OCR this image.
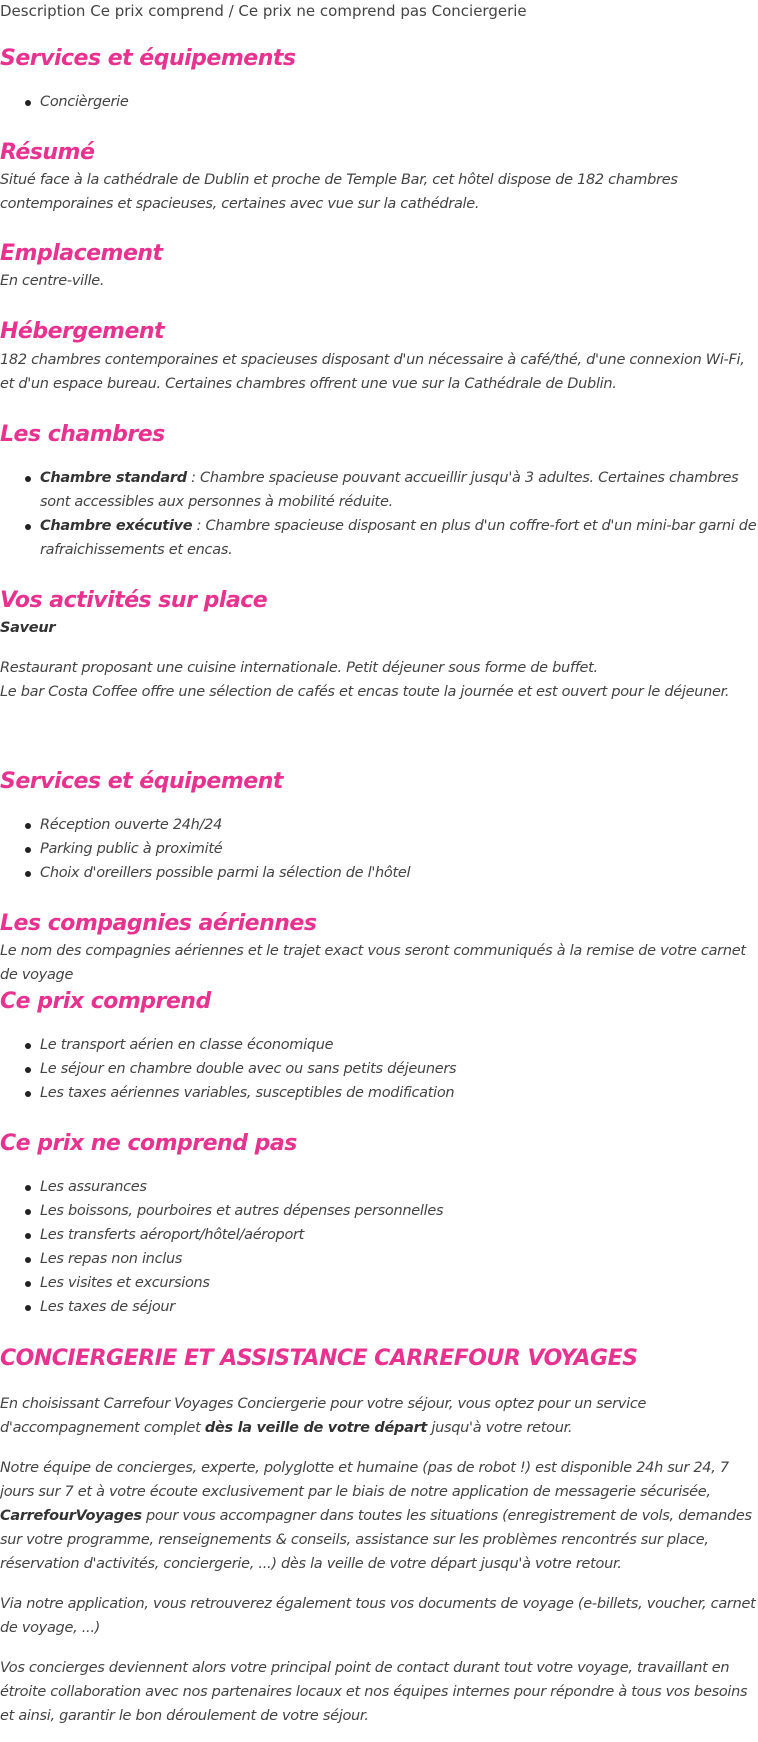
Description Ce prix comprend / Ce prix ne comprend pas Conciergerie
Services et équipements
Concièrgerie
Résumé
Situé face à la cathédrale de Dublin et proche de Temple Bar, cet hôtel dispose de 182 chambres contemporaines et spacieuses, certaines avec vue sur la cathédrale.
Emplacement
En centre-ville.
Hébergement
182 chambres contemporaines et spacieuses disposant d'un nécessaire à café/thé, d'une connexion Wi-Fi, et d'un espace bureau. Certaines chambres offrent une vue sur la Cathédrale de Dublin.
Les chambres
Chambre standard : Chambre spacieuse pouvant accueillir jusqu'à 3 adultes. Certaines chambres sont accessibles aux personnes à mobilité réduite.
Chambre exécutive : Chambre spacieuse disposant en plus d'un coffre-fort et d'un mini-bar garni de rafraichissements et encas.
Vos activités sur place
Saveur
Restaurant proposant une cuisine internationale. Petit déjeuner sous forme de buffet.
Le bar Costa Coffee offre une sélection de cafés et encas toute la journée et est ouvert pour le déjeuner.
Services et équipement
Réception ouverte 24h/24
Parking public à proximité
Choix d'oreillers possible parmi la sélection de l'hôtel
Les compagnies aériennes
Le nom des compagnies aériennes et le trajet exact vous seront communiqués à la remise de votre carnet de voyage
Ce prix comprend
Le transport aérien en classe économique
Le séjour en chambre double avec ou sans petits déjeuners
Les taxes aériennes variables, susceptibles de modification
Ce prix ne comprend pas
Les assurances
Les boissons, pourboires et autres dépenses personnelles
Les transferts aéroport/hôtel/aéroport
Les repas non inclus
Les visites et excursions
Les taxes de séjour
CONCIERGERIE ET ASSISTANCE CARREFOUR VOYAGES
En choisissant Carrefour Voyages Conciergerie pour votre séjour, vous optez pour un service d'accompagnement complet dès la veille de votre départ jusqu'à votre retour.
Notre équipe de concierges, experte, polyglotte et humaine (pas de robot !) est disponible 24h sur 24, 7 jours sur 7 et à votre écoute exclusivement par le biais de notre application de messagerie sécurisée, CarrefourVoyages pour vous accompagner dans toutes les situations (enregistrement de vols, demandes sur votre programme, renseignements & conseils, assistance sur les problèmes rencontrés sur place, réservation d'activités, conciergerie, ...) dès la veille de votre départ jusqu'à votre retour.
Via notre application, vous retrouverez également tous vos documents de voyage (e-billets, voucher, carnet de voyage, ...)
Vos concierges deviennent alors votre principal point de contact durant tout votre voyage, travaillant en étroite collaboration avec nos partenaires locaux et nos équipes internes pour répondre à tous vos besoins et ainsi, garantir le bon déroulement de votre séjour.
